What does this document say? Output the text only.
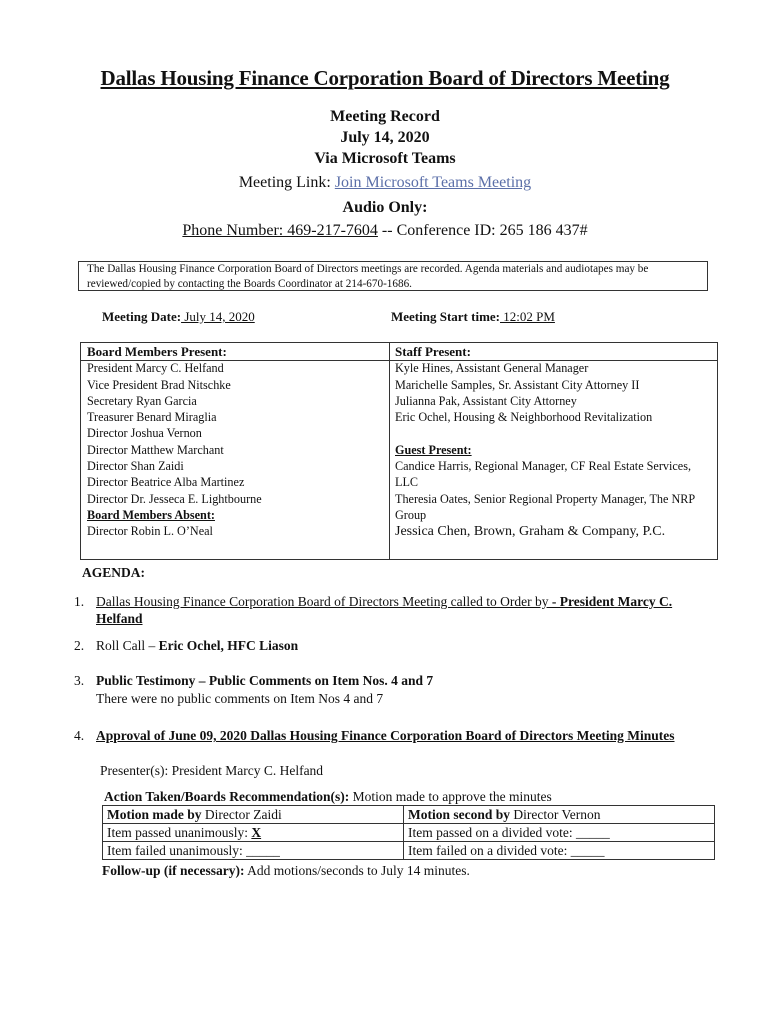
Dallas Housing Finance Corporation Board of Directors Meeting
Meeting Record
July 14, 2020
Via Microsoft Teams
Meeting Link: Join Microsoft Teams Meeting
Audio Only:
Phone Number: 469-217-7604 -- Conference ID: 265 186 437#
The Dallas Housing Finance Corporation Board of Directors meetings are recorded. Agenda materials and audiotapes may be reviewed/copied by contacting the Boards Coordinator at 214-670-1686.
Meeting Date: July 14, 2020	Meeting Start time: 12:02 PM
Board Members Present:
President Marcy C. Helfand
Vice President Brad Nitschke
Secretary Ryan Garcia
Treasurer Benard Miraglia
Director Joshua Vernon
Director Matthew Marchant
Director Shan Zaidi
Director Beatrice Alba Martinez
Director Dr. Jesseca E. Lightbourne
Board Members Absent:
Director Robin L. O’Neal
Staff Present:
Kyle Hines, Assistant General Manager
Marichelle Samples, Sr. Assistant City Attorney II
Julianna Pak, Assistant City Attorney
Eric Ochel, Housing & Neighborhood Revitalization
Guest Present:
Candice Harris, Regional Manager, CF Real Estate Services, LLC
Theresia Oates, Senior Regional Property Manager, The NRP Group
Jessica Chen, Brown, Graham & Company, P.C.
AGENDA:
1. Dallas Housing Finance Corporation Board of Directors Meeting called to Order by - President Marcy C. Helfand
2. Roll Call – Eric Ochel, HFC Liason
3. Public Testimony – Public Comments on Item Nos. 4 and 7
There were no public comments on Item Nos 4 and 7
4. Approval of June 09, 2020 Dallas Housing Finance Corporation Board of Directors Meeting Minutes
Presenter(s): President Marcy C. Helfand
Action Taken/Boards Recommendation(s): Motion made to approve the minutes
Motion made by Director Zaidi	Motion second by Director Vernon
Item passed unanimously: X	Item passed on a divided vote: _____
Item failed unanimously: _____	Item failed on a divided vote: _____
Follow-up (if necessary): Add motions/seconds to July 14 minutes.
